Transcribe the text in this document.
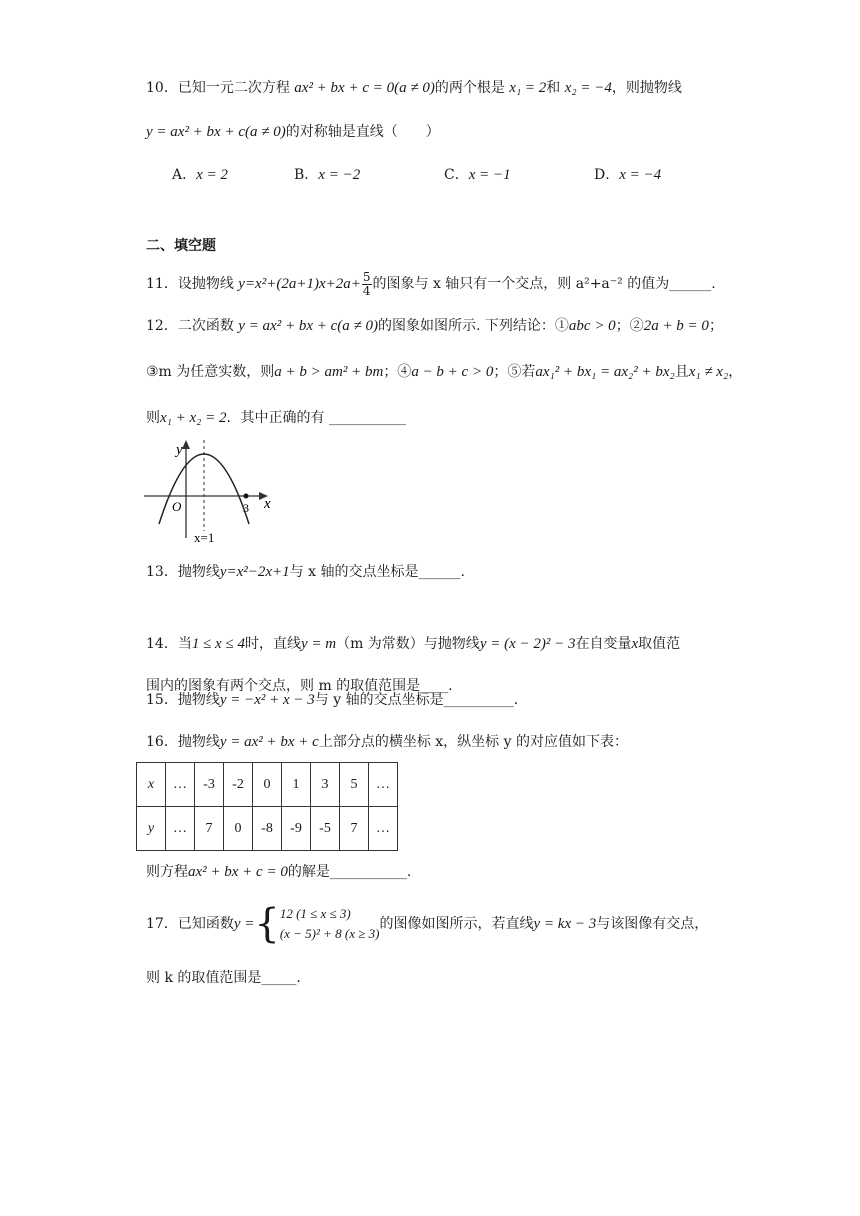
10．已知一元二次方程 ax² + bx + c = 0(a ≠ 0)的两个根是 x₁ = 2和 x₂ = −4，则抛物线
y = ax² + bx + c(a ≠ 0)的对称轴是直线（　　）
A．x = 2	B．x = −2	C．x = −1	D．x = −4
二、填空题
11．设抛物线 $y=x^2+(2a+1)x+2a+ \frac{5}{4}$ 的图象与 x 轴只有一个交点，则 a²+a⁻² 的值为______.
12．二次函数 y = ax² + bx + c(a ≠ 0)的图象如图所示. 下列结论：①abc > 0；②2a + b = 0；
③m 为任意实数，则a + b > am² + bm；④a − b + c > 0；⑤若ax₁² + bx₁ = ax₂² + bx₂且x₁ ≠ x₂，
则x₁ + x₂ = 2．其中正确的有 ___________
y
x
O	3
x=1
13．抛物线y=x²−2x+1与 x 轴的交点坐标是______.
14．当1 ≤ x ≤ 4时，直线y = m（m 为常数）与抛物线y = (x − 2)² − 3在自变量x取值范
围内的图象有两个交点，则 m 的取值范围是____.
15．抛物线y = −x² + x − 3与 y 轴的交点坐标是__________.
16．抛物线y = ax² + bx + c上部分点的横坐标 x，纵坐标 y 的对应值如下表：
x	…	-3	-2	0	1	3	5	…
y	…	7	0	-8	-9	-5	7	…
则方程ax² + bx + c = 0的解是___________.
17．已知函数y ={ 12 (1 ≤ x ≤ 3)
(x − 5)² + 8 (x ≥ 3)
的图像如图所示，若直线y = kx − 3与该图像有交点，
则 k 的取值范围是_____.
